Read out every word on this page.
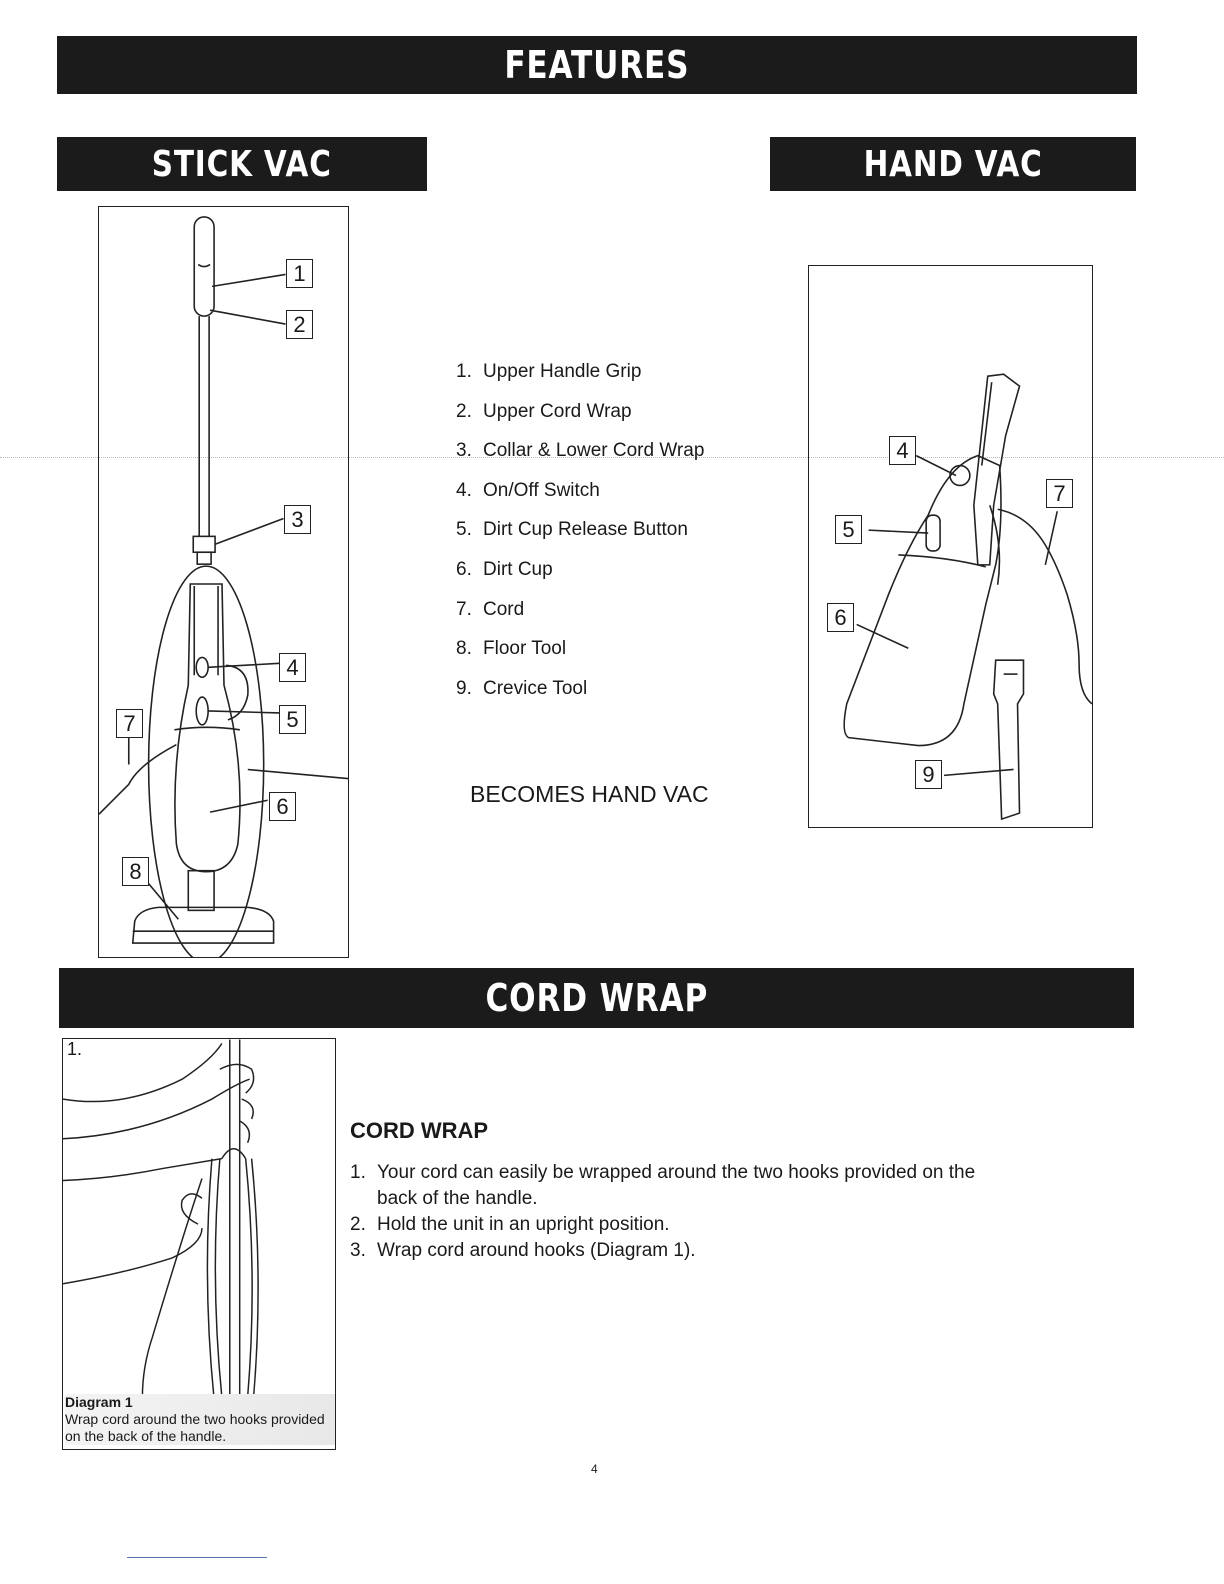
FEATURES
STICK VAC	HAND VAC
CORD WRAP
1
2
3
4
5
6
7
8
1. Upper Handle Grip
2. Upper Cord Wrap
3. Collar & Lower Cord Wrap
4. On/Off Switch
5. Dirt Cup Release Button
6. Dirt Cup
7. Cord
8. Floor Tool
9. Crevice Tool
BECOMES HAND VAC
4
5
6
7
9
CORD WRAP
1. Your cord can easily be wrapped around the two hooks provided on the back of the handle.
2. Hold the unit in an upright position.
3. Wrap cord around hooks (Diagram 1).
1.
Diagram 1
Wrap cord around the two hooks provided on the back of the handle.
4
